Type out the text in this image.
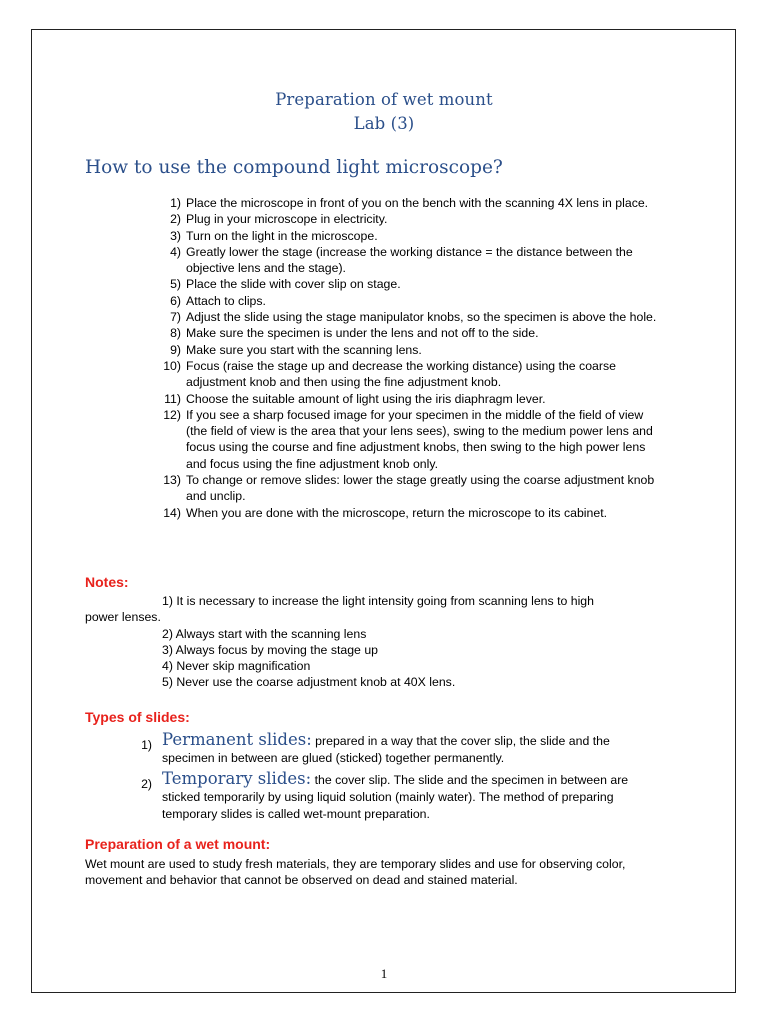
Preparation of wet mount
Lab (3)
How to use the compound light microscope?
1) Place the microscope in front of you on the bench with the scanning 4X lens in place.
2) Plug in your microscope in electricity.
3) Turn on the light in the microscope.
4) Greatly lower the stage (increase the working distance = the distance between the objective lens and the stage).
5) Place the slide with cover slip on stage.
6) Attach to clips.
7) Adjust the slide using the stage manipulator knobs, so the specimen is above the hole.
8) Make sure the specimen is under the lens and not off to the side.
9) Make sure you start with the scanning lens.
10) Focus (raise the stage up and decrease the working distance) using the coarse adjustment knob and then using the fine adjustment knob.
11) Choose the suitable amount of light using the iris diaphragm lever.
12) If you see a sharp focused image for your specimen in the middle of the field of view (the field of view is the area that your lens sees), swing to the medium power lens and focus using the course and fine adjustment knobs, then swing to the high power lens and focus using the fine adjustment knob only.
13) To change or remove slides: lower the stage greatly using the coarse adjustment knob and unclip.
14) When you are done with the microscope, return the microscope to its cabinet.
Notes:
1) It is necessary to increase the light intensity going from scanning lens to high power lenses.
2) Always start with the scanning lens
3) Always focus by moving the stage up
4) Never skip magnification
5) Never use the coarse adjustment knob at 40X lens.
Types of slides:
1) Permanent slides: prepared in a way that the cover slip, the slide and the specimen in between are glued (sticked) together permanently.
2) Temporary slides: the cover slip. The slide and the specimen in between are sticked temporarily by using liquid solution (mainly water). The method of preparing temporary slides is called wet-mount preparation.
Preparation of a wet mount:
Wet mount are used to study fresh materials, they are temporary slides and use for observing color, movement and behavior that cannot be observed on dead and stained material.
1
